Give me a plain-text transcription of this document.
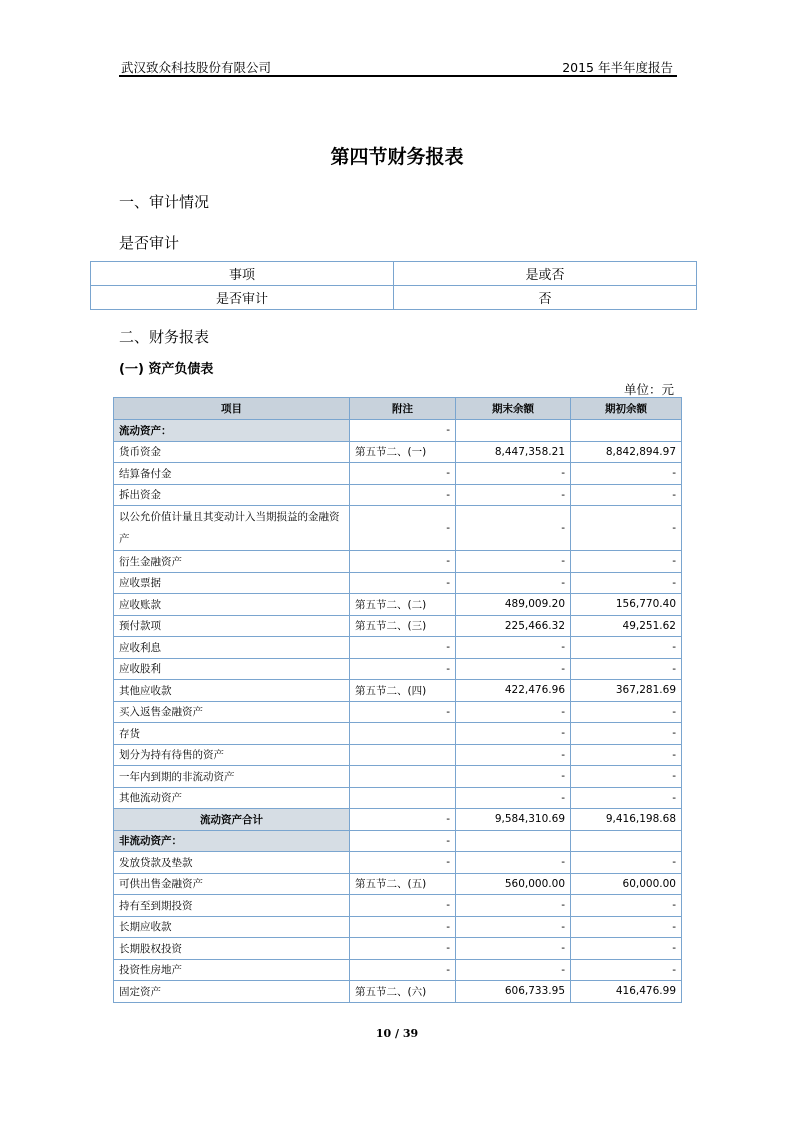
武汉致众科技股份有限公司	2015 年半年度报告
第四节财务报表
一、审计情况
是否审计
事项	是或否
是否审计	否
二、财务报表
(一) 资产负债表
单位：元
项目	附注	期末余额	期初余额
流动资产：	-		
货币资金	第五节二、(一)	8,447,358.21	8,842,894.97
结算备付金	-	-	-
拆出资金	-	-	-
以公允价值计量且其变动计入当期损益的金融资产	-	-	-
衍生金融资产	-	-	-
应收票据	-	-	-
应收账款	第五节二、(二)	489,009.20	156,770.40
预付款项	第五节二、(三)	225,466.32	49,251.62
应收利息	-	-	-
应收股利	-	-	-
其他应收款	第五节二、(四)	422,476.96	367,281.69
买入返售金融资产	-	-	-
存货		-	-
划分为持有待售的资产		-	-
一年内到期的非流动资产		-	-
其他流动资产		-	-
流动资产合计	-	9,584,310.69	9,416,198.68
非流动资产：	-		
发放贷款及垫款	-	-	-
可供出售金融资产	第五节二、(五)	560,000.00	60,000.00
持有至到期投资	-	-	-
长期应收款	-	-	-
长期股权投资	-	-	-
投资性房地产	-	-	-
固定资产	第五节二、(六)	606,733.95	416,476.99
10 / 39
